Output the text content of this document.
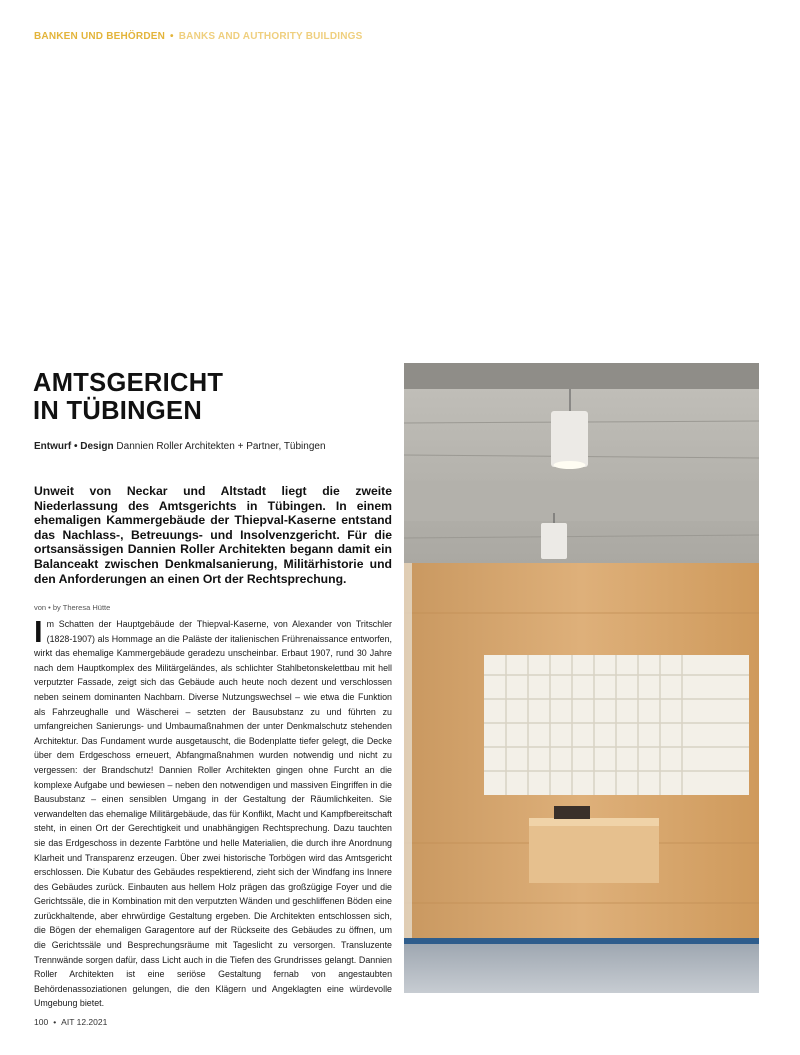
BANKEN UND BEHÖRDEN • BANKS AND AUTHORITY BUILDINGS
AMTSGERICHT
IN TÜBINGEN
Entwurf • Design Dannien Roller Architekten + Partner, Tübingen

Unweit von Neckar und Altstadt liegt die zweite Niederlassung des Amtsgerichts in Tübingen. In einem ehemaligen Kammergebäude der Thiepval-Kaserne entstand das Nachlass-, Betreuungs- und Insolvenzgericht. Für die ortsansässigen Dannien Roller Architekten begann damit ein Balanceakt zwischen Denkmalsanierung, Militärhistorie und den Anforderungen an einen Ort der Rechtsprechung.

von • by Theresa Hütte

Im Schatten der Hauptgebäude der Thiepval-Kaserne, von Alexander von Tritschler (1828-1907) als Hommage an die Paläste der italienischen Frührenaissance entworfen, wirkt das ehemalige Kammergebäude geradezu unscheinbar. Erbaut 1907, rund 30 Jahre nach dem Hauptkomplex des Militärgeländes, als schlichter Stahlbetonskelettbau mit hell verputzter Fassade, zeigt sich das Gebäude auch heute noch dezent und verschlossen neben seinem dominanten Nachbarn. Diverse Nutzungswechsel – wie etwa die Funktion als Fahrzeughalle und Wäscherei – setzten der Bausubstanz zu und führten zu umfangreichen Sanierungs- und Umbaumaßnahmen der unter Denkmalschutz stehenden Architektur. Das Fundament wurde ausgetauscht, die Bodenplatte tiefer gelegt, die Decke über dem Erdgeschoss erneuert, Abfangmaßnahmen wurden notwendig und nicht zu vergessen: der Brandschutz! Dannien Roller Architekten gingen ohne Furcht an die komplexe Aufgabe und bewiesen – neben den notwendigen und massiven Eingriffen in die Bausubstanz – einen sensiblen Umgang in der Gestaltung der Räumlichkeiten. Sie verwandelten das ehemalige Militärgebäude, das für Konflikt, Macht und Kampfbereitschaft steht, in einen Ort der Gerechtigkeit und unabhängigen Rechtsprechung. Dazu tauchten sie das Erdgeschoss in dezente Farbtöne und helle Materialien, die durch ihre Anordnung Klarheit und Transparenz erzeugen. Über zwei historische Torbögen wird das Amtsgericht erschlossen. Die Kubatur des Gebäudes respektierend, zieht sich der Windfang ins Innere des Gebäudes zurück. Einbauten aus hellem Holz prägen das großzügige Foyer und die Gerichtssäle, die in Kombination mit den verputzten Wänden und geschliffenen Böden eine zurückhaltende, aber ehrwürdige Gestaltung ergeben. Die Architekten entschlossen sich, die Bögen der ehemaligen Garagentore auf der Rückseite des Gebäudes zu öffnen, um die Gerichtssäle und Besprechungsräume mit Tageslicht zu versorgen. Transluzente Trennwände sorgen dafür, dass Licht auch in die Tiefen des Grundrisses gelangt. Dannien Roller Architekten ist eine seriöse Gestaltung fernab von angestaubten Behördenassoziationen gelungen, die den Klägern und Angeklagten eine würdevolle Umgebung bietet.

100 • AIT 12.2021
